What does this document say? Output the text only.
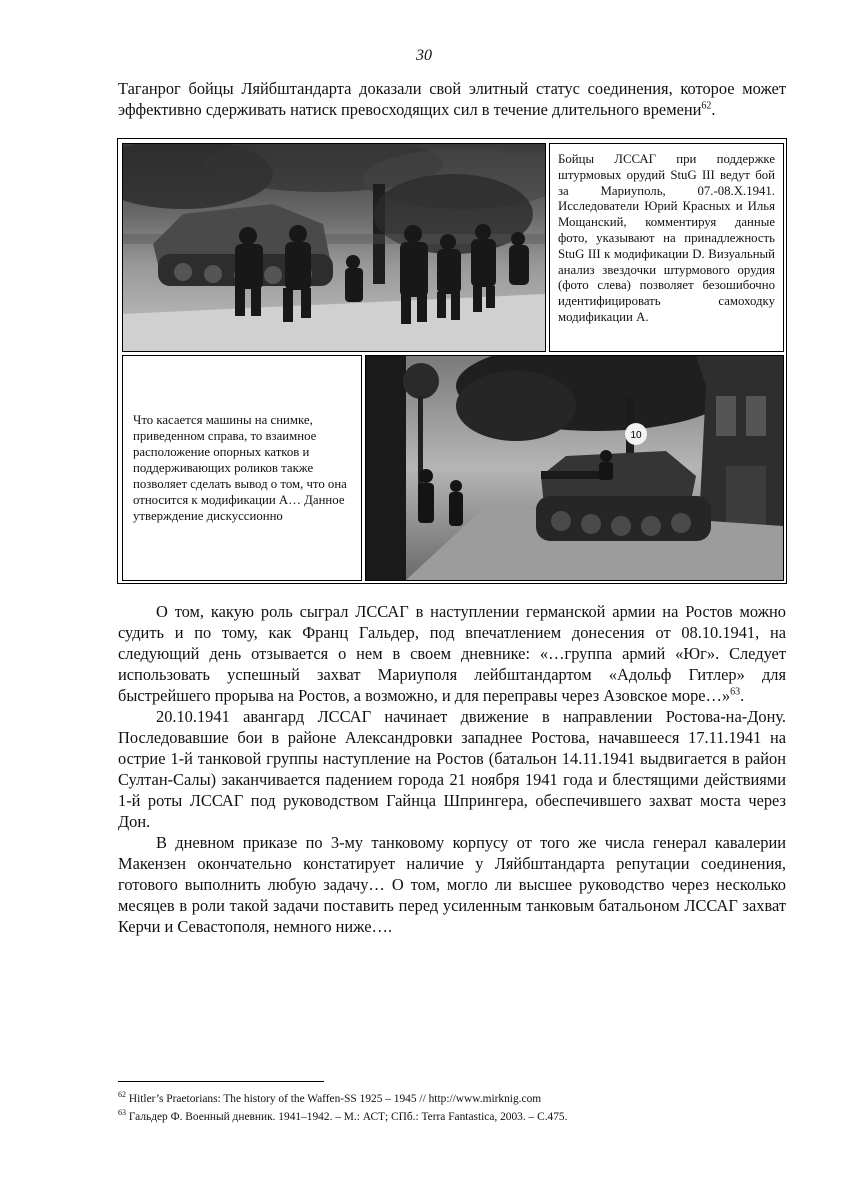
30
Таганрог бойцы Ляйбштандарта доказали свой элитный статус соединения, которое может эффективно сдерживать натиск превосходящих сил в течение длительного времени$^{62}$.
Бойцы ЛССАГ при поддержке штурмовых орудий StuG III ведут бой за Мариуполь, 07.-08.X.1941. Исследователи Юрий Красных и Илья Мощанский, комментируя данные фото, указывают на принадлежность StuG III к модификации D. Визуальный анализ звездочки штурмового орудия (фото слева) позволяет безошибочно идентифицировать самоходку модификации А.
Что касается машины на снимке, приведенном справа, то взаимное расположение опорных катков и поддерживающих роликов также позволяет сделать вывод о том, что она относится к модификации А… Данное утверждение дискуссионно
10
О том, какую роль сыграл ЛССАГ в наступлении германской армии на Ростов можно судить и по тому, как Франц Гальдер, под впечатлением донесения от 08.10.1941, на следующий день отзывается о нем в своем дневнике: «…группа армий «Юг». Следует использовать успешный захват Мариуполя лейбштандартом «Адольф Гитлер» для быстрейшего прорыва на Ростов, а возможно, и для переправы через Азовское море…»$^{63}$.
20.10.1941 авангард ЛССАГ начинает движение в направлении Ростова-на-Дону. Последовавшие бои в районе Александровки западнее Ростова, начавшееся 17.11.1941 на острие 1-й танковой группы наступление на Ростов (батальон 14.11.1941 выдвигается в район Султан-Салы) заканчивается падением города 21 ноября 1941 года и блестящими действиями 1-й роты ЛССАГ под руководством Гайнца Шпрингера, обеспечившего захват моста через Дон.
В дневном приказе по 3-му танковому корпусу от того же числа генерал кавалерии Макензен окончательно констатирует наличие у Ляйбштандарта репутации соединения, готового выполнить любую задачу… О том, могло ли высшее руководство через несколько месяцев в роли такой задачи поставить перед усиленным танковым батальоном ЛССАГ захват Керчи и Севастополя, немного ниже….
$^{62}$ Hitler’s Praetorians: The history of the Waffen-SS 1925 – 1945 // http://www.mirknig.com
$^{63}$ Гальдер Ф. Военный дневник. 1941–1942. – М.: АСТ; СПб.: Terra Fantastica, 2003. – С.475.
